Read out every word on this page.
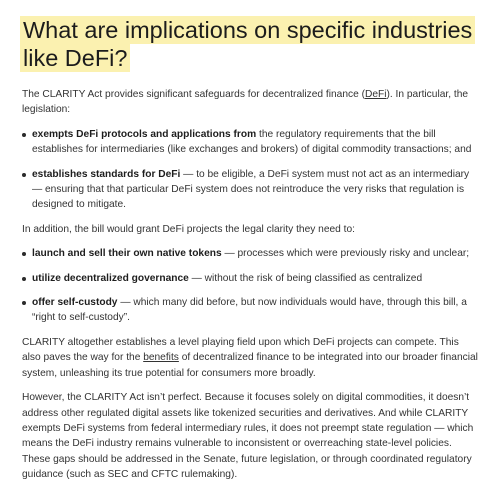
What are implications on specific industries
like DeFi?

The CLARITY Act provides significant safeguards for decentralized finance (DeFi). In particular, the legislation:

exempts DeFi protocols and applications from the regulatory requirements that the bill establishes for intermediaries (like exchanges and brokers) of digital commodity transactions; and
establishes standards for DeFi — to be eligible, a DeFi system must not act as an intermediary — ensuring that that particular DeFi system does not reintroduce the very risks that regulation is designed to mitigate.

In addition, the bill would grant DeFi projects the legal clarity they need to:

launch and sell their own native tokens — processes which were previously risky and unclear;
utilize decentralized governance — without the risk of being classified as centralized
offer self-custody — which many did before, but now individuals would have, through this bill, a “right to self-custody”.

CLARITY altogether establishes a level playing field upon which DeFi projects can compete. This also paves the way for the benefits of decentralized finance to be integrated into our broader financial system, unleashing its true potential for consumers more broadly.

However, the CLARITY Act isn’t perfect. Because it focuses solely on digital commodities, it doesn’t address other regulated digital assets like tokenized securities and derivatives. And while CLARITY exempts DeFi systems from federal intermediary rules, it does not preempt state regulation — which means the DeFi industry remains vulnerable to inconsistent or overreaching state-level policies. These gaps should be addressed in the Senate, future legislation, or through coordinated regulatory guidance (such as SEC and CFTC rulemaking).
